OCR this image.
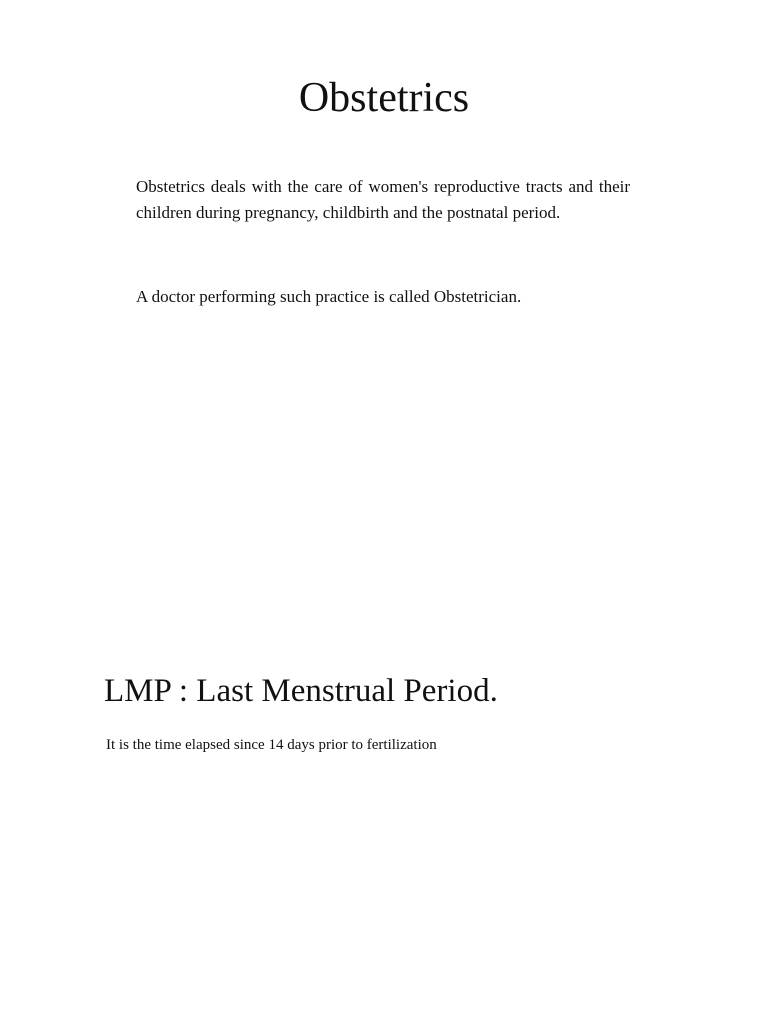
Obstetrics

Obstetrics deals with the care of women's reproductive tracts and their children during pregnancy, childbirth and the postnatal period.

A doctor performing such practice is called Obstetrician.

LMP : Last Menstrual Period.

It is the time elapsed since 14 days prior to fertilization
